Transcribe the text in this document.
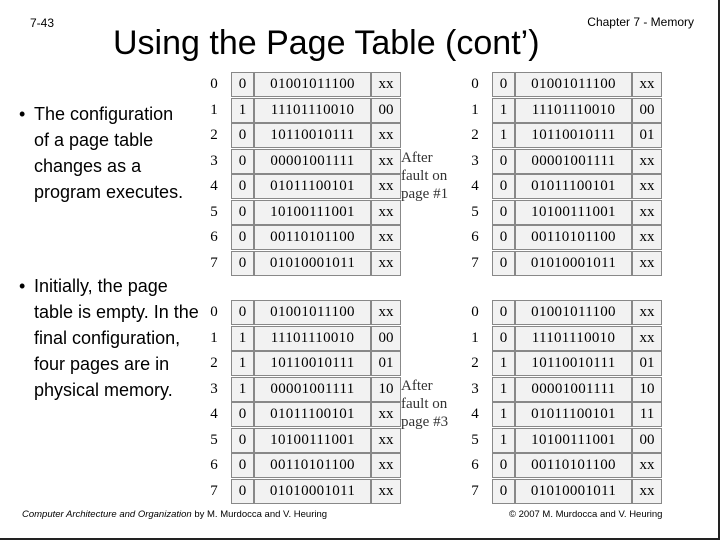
7-43	Chapter 7 - Memory
Using the Page Table (cont’)
• The configuration of a page table changes as a program executes.
• Initially, the page table is empty. In the final configuration, four pages are in physical memory.
0	0	01001011100	xx
1	1	11101110010	00
2	0	10110010111	xx
3	0	00001001111	xx
4	0	01011100101	xx
5	0	10100111001	xx
6	0	00110101100	xx
7	0	01010001011	xx
0	0	01001011100	xx
1	1	11101110010	00
2	1	10110010111	01
3	0	00001001111	xx
4	0	01011100101	xx
5	0	10100111001	xx
6	0	00110101100	xx
7	0	01010001011	xx
0	0	01001011100	xx
1	1	11101110010	00
2	1	10110010111	01
3	1	00001001111	10
4	0	01011100101	xx
5	0	10100111001	xx
6	0	00110101100	xx
7	0	01010001011	xx
0	0	01001011100	xx
1	0	11101110010	xx
2	1	10110010111	01
3	1	00001001111	10
4	1	01011100101	11
5	1	10100111001	00
6	0	00110101100	xx
7	0	01010001011	xx
After
fault on
page #1
After
fault on
page #3
Computer Architecture and Organization by M. Murdocca and V. Heuring	© 2007 M. Murdocca and V. Heuring
